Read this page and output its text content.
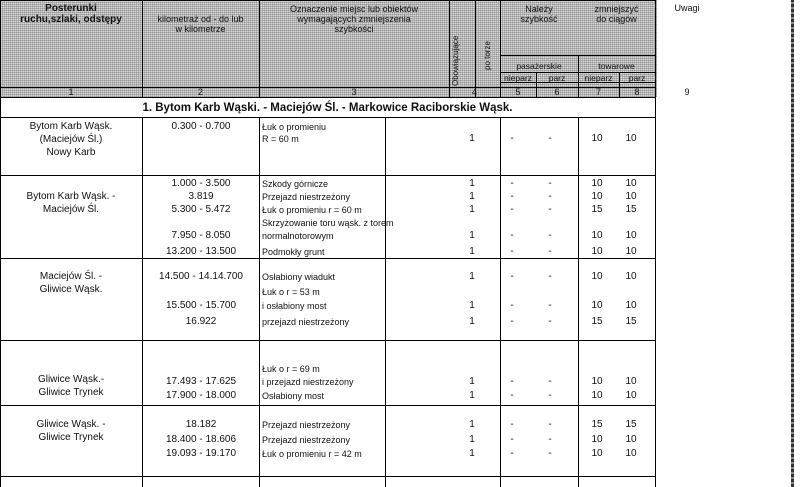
Posterunki
ruchu,szlaki, odstępy	kilometraż od - do lub
w kilometrze
Oznaczenie miejsc lub obiektów
wymagających zmniejszenia
szybkości
Obowiązujące	po torze
Należy
szybkość
zmniejszyć
do ciągów
Uwagi
pasażerskie	towarowe
nieparz	parz	nieparz	parz
1	2	3	4	5	6	7	8	9
1. Bytom Karb Wąski. - Maciejów Śl. - Markowice Raciborskie Wąsk.
Bytom Karb Wąsk.
(Maciejów Śl.)
Nowy Karb
0.300 - 0.700	Łuk o promieniu
R = 60 m	1	-	-	10 10
Bytom Karb Wąsk. -
Maciejów Śl.
1.000 - 3.500	Szkody górnicze	1	-	-	10 10
3.819	Przejazd niestrzeżony	1	-	-	10 10
5.300 - 5.472	Łuk o promieniu r = 60 m	1	-	-	15 15
7.950 - 8.050
Skrzyżowanie toru wąsk. z torem
normalnotorowym	1	-	-	10 10
13.200 - 13.500	Podmokły grunt	1	-	-	10 10
Maciejów Śl. -
Gliwice Wąsk.
14.500 - 14.14.700 Osłabiony wiadukt	1	-	-	10 10
15.500 - 15.700
Łuk o r = 53 m
i osłabiony most	1	-	-	10 10
16.922	przejazd niestrzeżony	1	-	-	15 15
Gliwice Wąsk.-
Gliwice Trynek
17.493 - 17.625
Łuk o r = 69 m
i przejazd niestrzeżony	1	-	-	10 10
17.900 - 18.000	Osłabiony most	1	-	-	10 10
Gliwice Wąsk. -
Gliwice Trynek
18.182	Przejazd niestrzeżony	1	-	-	15 15
18.400 - 18.606	Przejazd niestrzeżony	1	-	-	10 10
19.093 - 19.170	Łuk o promieniu r = 42 m	1	-	-	10 10
